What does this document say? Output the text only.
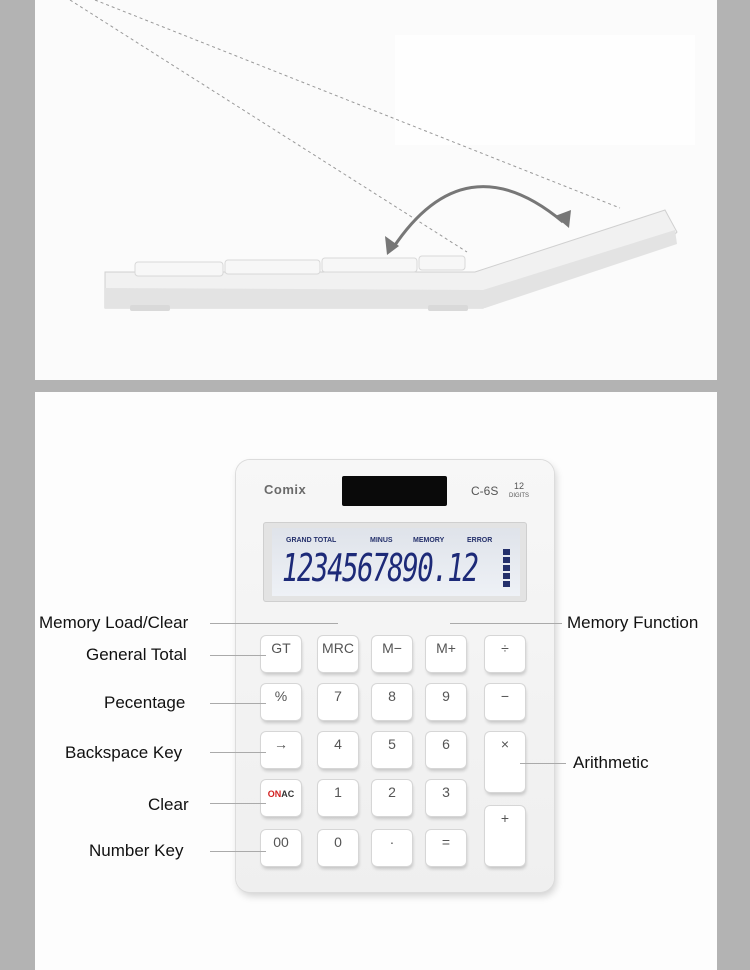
Comix	C-6S 12
DIGITS
GRAND TOTAL	MINUS	MEMORY	ERROR
1234567890.12
GT	MRC	M−	M+	÷
%	7	8	9	−
→	4	5	6	×
ONAC	1	2	3
+
00	0	·	=
Memory Load/Clear
General Total
Pecentage
Backspace Key
Clear
Number Key
Memory Function
Arithmetic
